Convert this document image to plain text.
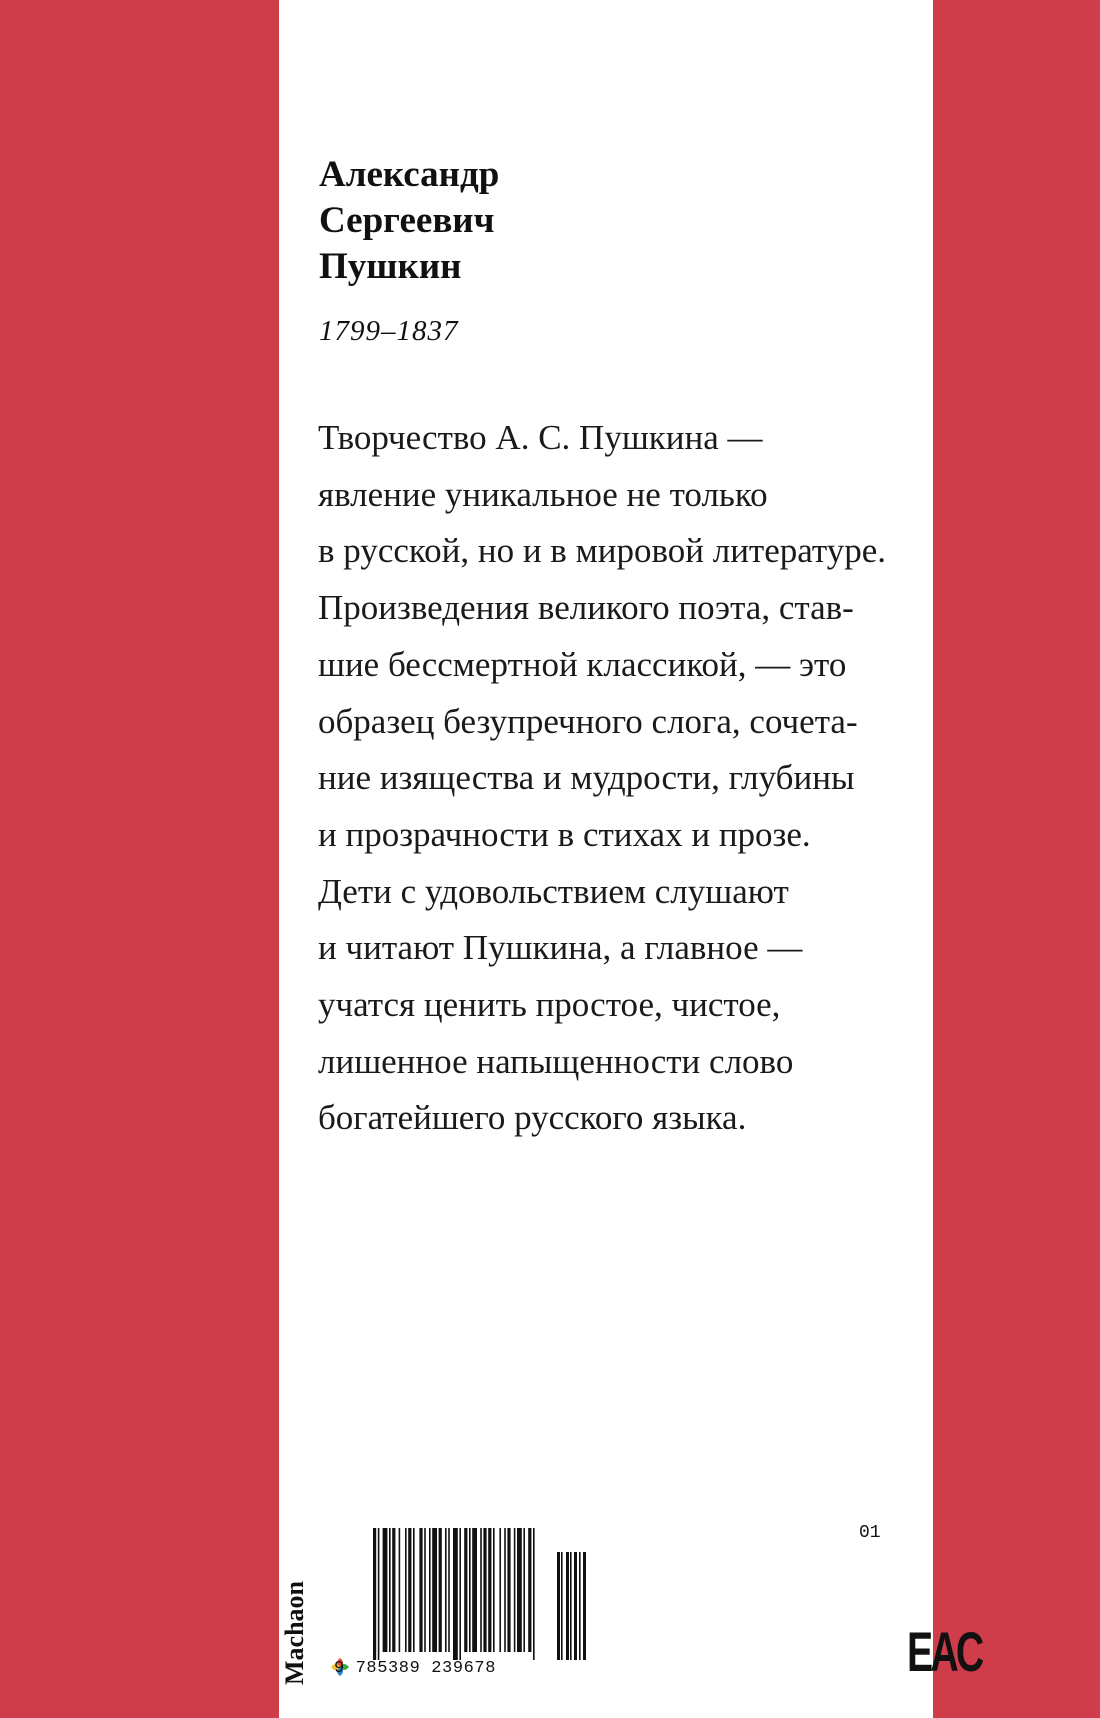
Александр
Сергеевич
Пушкин
1799–1837
Творчество А. С. Пушкина —
явление уникальное не только
в русской, но и в мировой литературе.
Произведения великого поэта, став-
шие бессмертной классикой, — это
образец безупречного слога, сочета-
ние изящества и мудрости, глубины
и прозрачности в стихах и прозе.
Дети с удовольствием слушают
и читают Пушкина, а главное —
учатся ценить простое, чистое,
лишенное напыщенности слово
богатейшего русского языка.
Machaon 9 785389 239678
01
EAC
